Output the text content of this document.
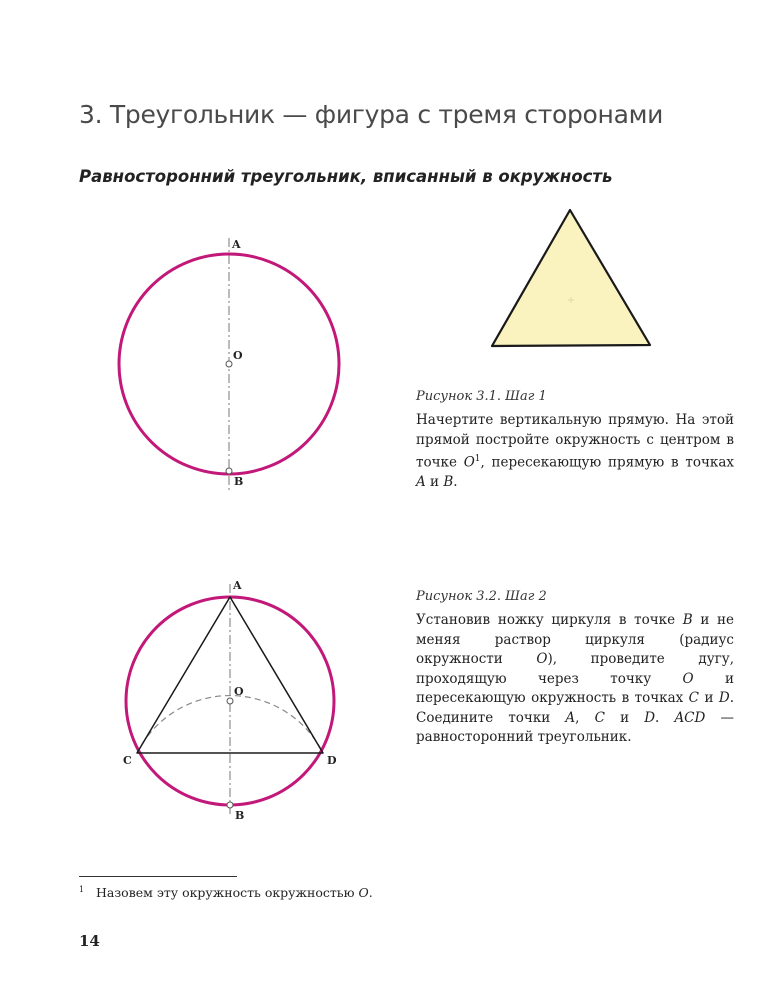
3. Треугольник — фигура с тремя сторонами
Равносторонний треугольник, вписанный в окружность
A
O
B

Рисунок 3.1. Шаг 1

Начертите вертикальную прямую. На этой прямой постройте окружность с центром в точке $O^1$, пересекающую прямую в точках A и B.

A
O
C	D
B

Рисунок 3.2. Шаг 2

Установив ножку циркуля в точке B и не меняя раствор циркуля (радиус окружности O), проведите дугу, проходящую через точку O и пересекающую окружность в точках C и D. Соедините точки A, C и D. ACD — равносторонний треугольник.

1 Назовем эту окружность окружностью O.
14
